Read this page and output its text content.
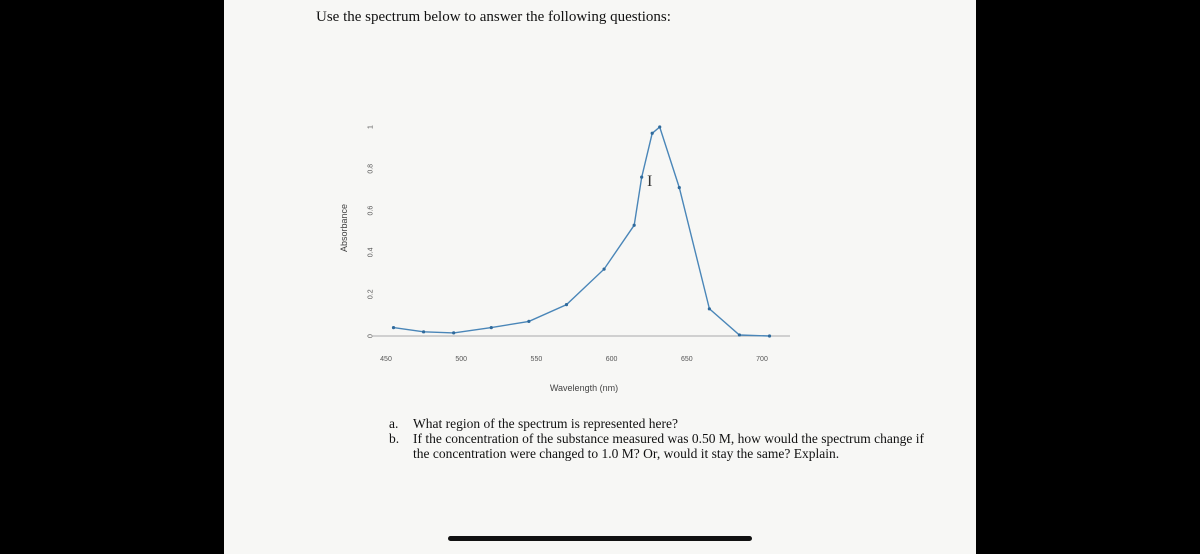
Use the spectrum below to answer the following questions:
0
0.2
0.4
0.6
0.8
1
450	500	550	600	650	700
Absorbance
Wavelength (nm)
I
a.	What region of the spectrum is represented here?
b.	If the concentration of the substance measured was 0.50 M, how would the spectrum change if the concentration were changed to 1.0 M? Or, would it stay the same? Explain.
